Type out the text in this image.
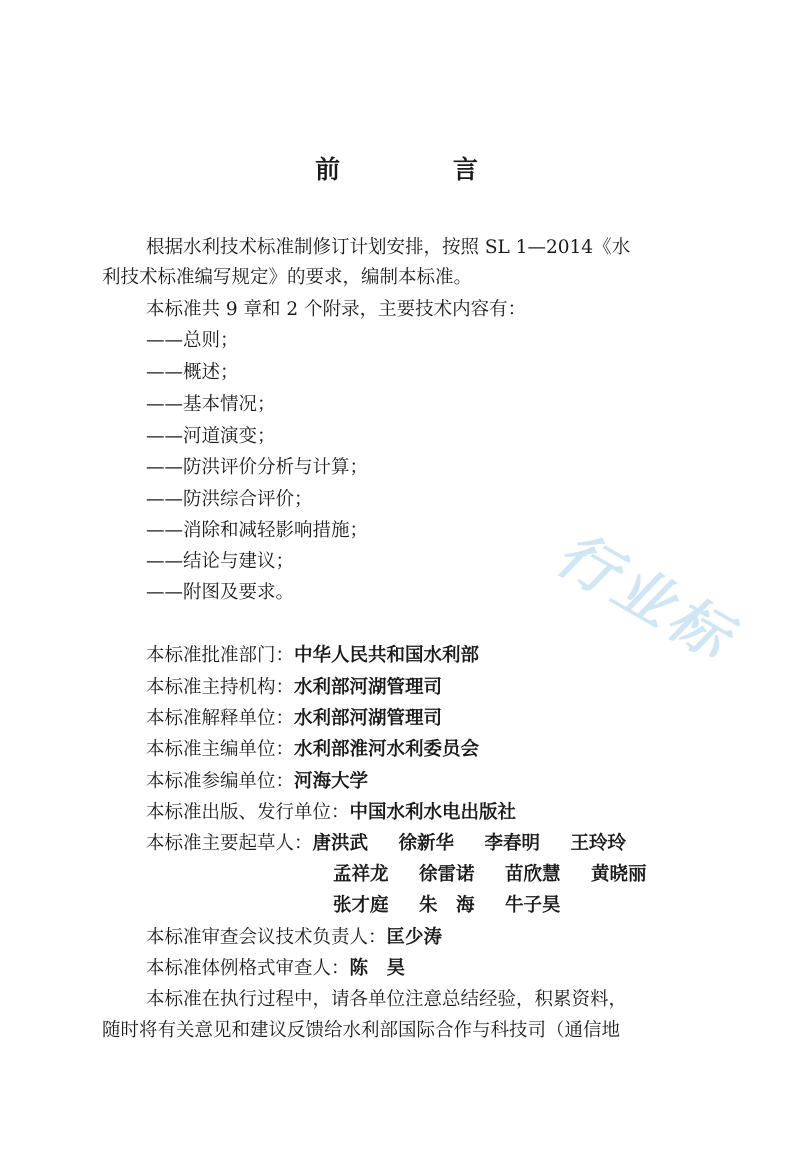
前 言
根据水利技术标准制修订计划安排，按照 SL 1—2014《水
利技术标准编写规定》的要求，编制本标准。
本标准共 9 章和 2 个附录，主要技术内容有：
——总则；
——概述；
——基本情况；
——河道演变；
——防洪评价分析与计算；
——防洪综合评价；
——消除和减轻影响措施；
——结论与建议；
——附图及要求。
本标准批准部门：中华人民共和国水利部
本标准主持机构：水利部河湖管理司
本标准解释单位：水利部河湖管理司
本标准主编单位：水利部淮河水利委员会
本标准参编单位：河海大学
本标准出版、发行单位：中国水利水电出版社
本标准主要起草人：唐洪武 徐新华 李春明 王玲玲
孟祥龙 徐雷诺 苗欣慧 黄晓丽
张才庭 朱　海 牛子昊
本标准审查会议技术负责人：匡少涛
本标准体例格式审查人：陈　昊
本标准在执行过程中，请各单位注意总结经验，积累资料，
随时将有关意见和建议反馈给水利部国际合作与科技司（通信地
行业标
